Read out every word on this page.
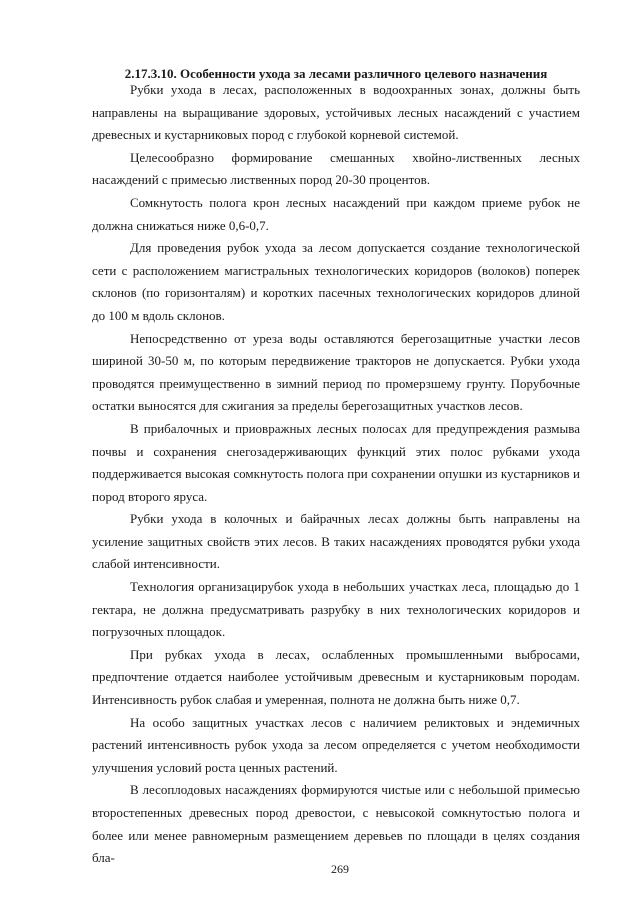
2.17.3.10. Особенности ухода за лесами различного целевого назначения

Рубки ухода в лесах, расположенных в водоохранных зонах, должны быть направлены на выращивание здоровых, устойчивых лесных насаждений с участием древесных и кустарниковых пород с глубокой корневой системой.

Целесообразно формирование смешанных хвойно-лиственных лесных насаждений с примесью лиственных пород 20-30 процентов.

Сомкнутость полога крон лесных насаждений при каждом приеме рубок не должна снижаться ниже 0,6-0,7.

Для проведения рубок ухода за лесом допускается создание технологической сети с расположением магистральных технологических коридоров (волоков) поперек склонов (по горизонталям) и коротких пасечных технологических коридоров длиной до 100 м вдоль склонов.

Непосредственно от уреза воды оставляются берегозащитные участки лесов шириной 30-50 м, по которым передвижение тракторов не допускается. Рубки ухода проводятся преимущественно в зимний период по промерзшему грунту. Порубочные остатки выносятся для сжигания за пределы берегозащитных участков лесов.

В прибалочных и приовражных лесных полосах для предупреждения размыва почвы и сохранения снегозадерживающих функций этих полос рубками ухода поддерживается высокая сомкнутость полога при сохранении опушки из кустарников и пород второго яруса.

Рубки ухода в колочных и байрачных лесах должны быть направлены на усиление защитных свойств этих лесов. В таких насаждениях проводятся рубки ухода слабой интенсивности.

Технология организацирубок ухода в небольших участках леса, площадью до 1 гектара, не должна предусматривать разрубку в них технологических коридоров и погрузочных площадок.

При рубках ухода в лесах, ослабленных промышленными выбросами, предпочтение отдается наиболее устойчивым древесным и кустарниковым породам. Интенсивность рубок слабая и умеренная, полнота не должна быть ниже 0,7.

На особо защитных участках лесов с наличием реликтовых и эндемичных растений интенсивность рубок ухода за лесом определяется с учетом необходимости улучшения условий роста ценных растений.

В лесоплодовых насаждениях формируются чистые или с небольшой примесью второстепенных древесных пород древостои, с невысокой сомкнутостью полога и более или менее равномерным размещением деревьев по площади в целях создания бла-

269
